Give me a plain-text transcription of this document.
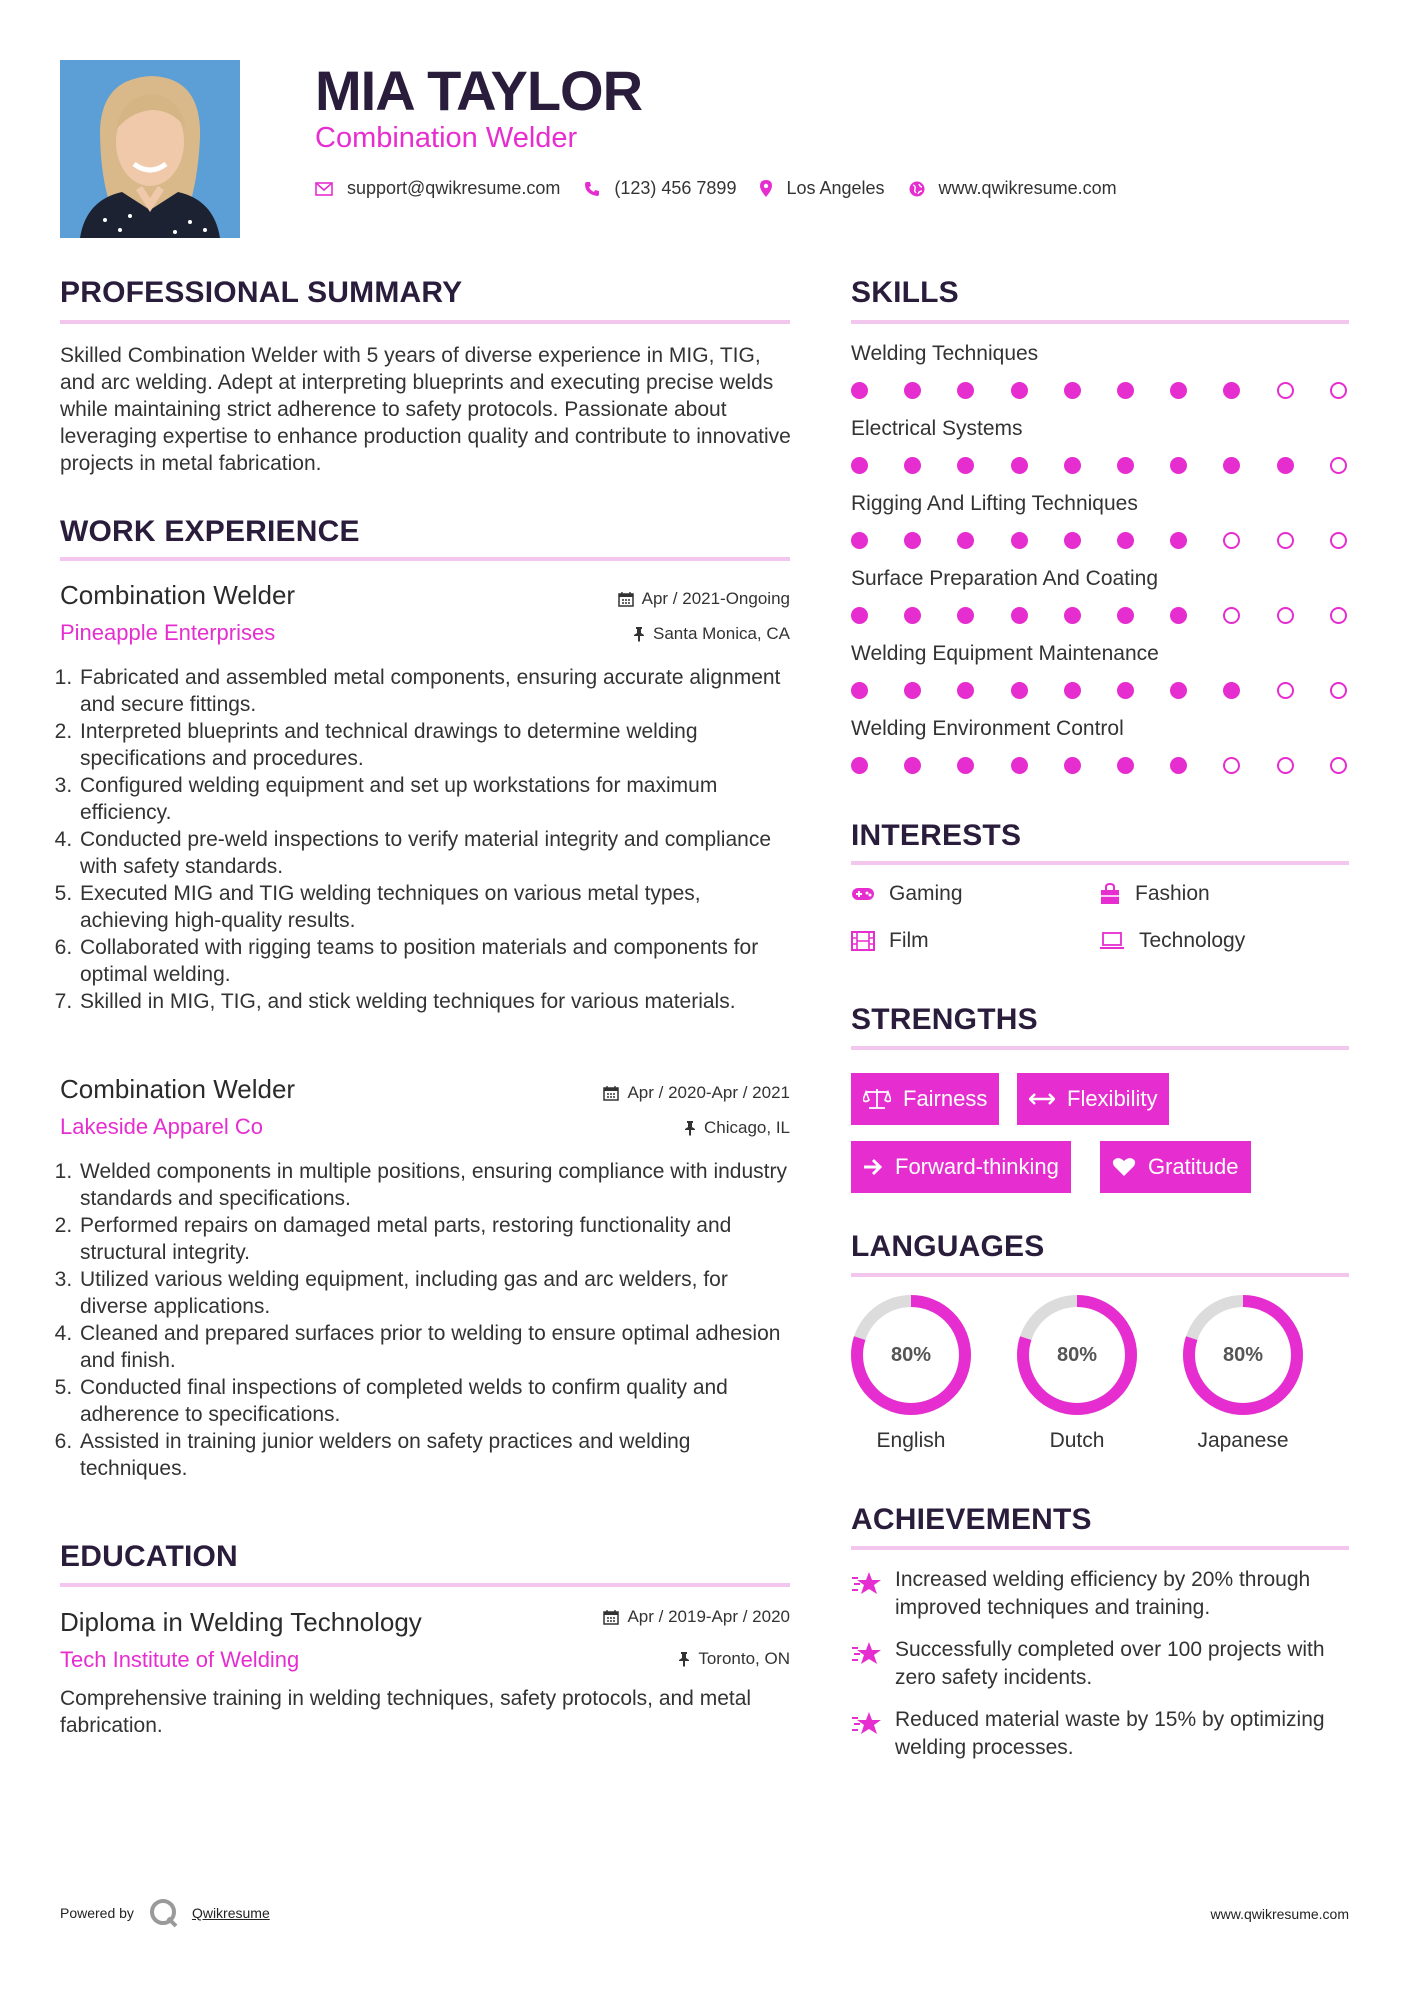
MIA TAYLOR
Combination Welder
support@qwikresume.com	(123) 456 7899	Los Angeles	www.qwikresume.com
PROFESSIONAL SUMMARY
Skilled Combination Welder with 5 years of diverse experience in MIG, TIG, and arc welding. Adept at interpreting blueprints and executing precise welds while maintaining strict adherence to safety protocols. Passionate about leveraging expertise to enhance production quality and contribute to innovative projects in metal fabrication.
WORK EXPERIENCE
Combination Welder
Pineapple Enterprises
Apr / 2021-Ongoing
Santa Monica, CA
1. Fabricated and assembled metal components, ensuring accurate alignment and secure fittings.
2. Interpreted blueprints and technical drawings to determine welding specifications and procedures.
3. Configured welding equipment and set up workstations for maximum efficiency.
4. Conducted pre-weld inspections to verify material integrity and compliance with safety standards.
5. Executed MIG and TIG welding techniques on various metal types, achieving high-quality results.
6. Collaborated with rigging teams to position materials and components for optimal welding.
7. Skilled in MIG, TIG, and stick welding techniques for various materials.
Combination Welder
Lakeside Apparel Co
Apr / 2020-Apr / 2021
Chicago, IL
1. Welded components in multiple positions, ensuring compliance with industry standards and specifications.
2. Performed repairs on damaged metal parts, restoring functionality and structural integrity.
3. Utilized various welding equipment, including gas and arc welders, for diverse applications.
4. Cleaned and prepared surfaces prior to welding to ensure optimal adhesion and finish.
5. Conducted final inspections of completed welds to confirm quality and adherence to specifications.
6. Assisted in training junior welders on safety practices and welding techniques.
EDUCATION
Diploma in Welding Technology
Tech Institute of Welding
Apr / 2019-Apr / 2020
Toronto, ON
Comprehensive training in welding techniques, safety protocols, and metal fabrication.
SKILLS
Welding Techniques
Electrical Systems
Rigging And Lifting Techniques
Surface Preparation And Coating
Welding Equipment Maintenance
Welding Environment Control
INTERESTS
Gaming	Fashion
Film	Technology
STRENGTHS
Fairness	Flexibility
Forward-thinking	Gratitude
LANGUAGES
80%
English
80%
Dutch
80%
Japanese
ACHIEVEMENTS
Increased welding efficiency by 20% through improved techniques and training.
Successfully completed over 100 projects with zero safety incidents.
Reduced material waste by 15% by optimizing welding processes.
Powered by	Qwikresume	www.qwikresume.com
